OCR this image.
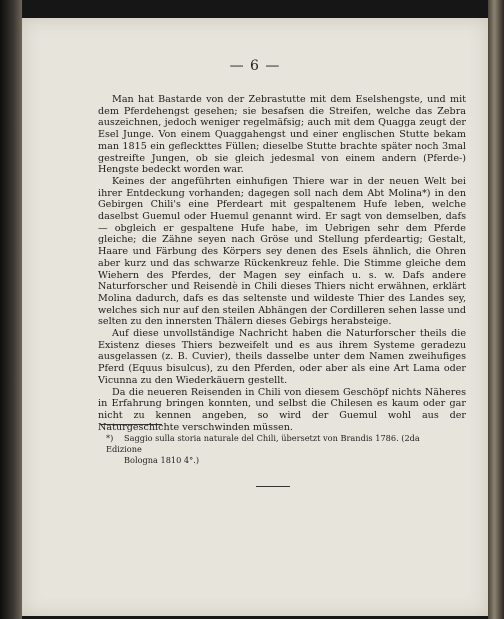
— 6 —

Man hat Bastarde von der Zebrastutte mit dem Eselshengste, und mit dem Pferdehengst gesehen; sie besafsen die Streifen, welche das Zebra auszeichnen, jedoch weniger regelmäfsig; auch mit dem Quagga zeugt der Esel Junge. Von einem Quaggahengst und einer englischen Stutte bekam man 1815 ein gefleckttes Füllen; dieselbe Stutte brachte später noch 3mal gestreifte Jungen, ob sie gleich jedesmal von einem andern (Pferde-) Hengste bedeckt worden war.

Keines der angeführten einhufigen Thiere war in der neuen Welt bei ihrer Entdeckung vorhanden; dagegen soll nach dem Abt Molina*) in den Gebirgen Chili's eine Pferdeart mit gespaltenem Hufe leben, welche daselbst Guemul oder Huemul genannt wird. Er sagt von demselben, dafs — obgleich er gespaltene Hufe habe, im Uebrigen sehr dem Pferde gleiche; die Zähne seyen nach Gröse und Stellung pferdeartig; Gestalt, Haare und Färbung des Körpers sey denen des Esels ähnlich, die Ohren aber kurz und das schwarze Rückenkreuz fehle. Die Stimme gleiche dem Wiehern des Pferdes, der Magen sey einfach u. s. w. Dafs andere Naturforscher und Reisendè in Chili dieses Thiers nicht erwähnen, erklärt Molina dadurch, dafs es das seltenste und wildeste Thier des Landes sey, welches sich nur auf den steilen Abhängen der Cordilleren sehen lasse und selten zu den innersten Thälern dieses Gebirgs herabsteige.

Auf diese unvollständige Nachricht haben die Naturforscher theils die Existenz dieses Thiers bezweifelt und es aus ihrem Systeme geradezu ausgelassen (z. B. Cuvier), theils dasselbe unter dem Namen zweihufiges Pferd (Equus bisulcus), zu den Pferden, oder aber als eine Art Lama oder Vicunna zu den Wiederkäuern gestellt.

Da die neueren Reisenden in Chili von diesem Geschöpf nichts Näheres in Erfahrung bringen konnten, und selbst die Chilesen es kaum oder gar nicht zu kennen angeben, so wird der Guemul wohl aus der Naturgeschichte verschwinden müssen.

*) Saggio sulla storia naturale del Chili, übersetzt von Brandis 1786. (2da Edizione
Bologna 1810 4°.)
